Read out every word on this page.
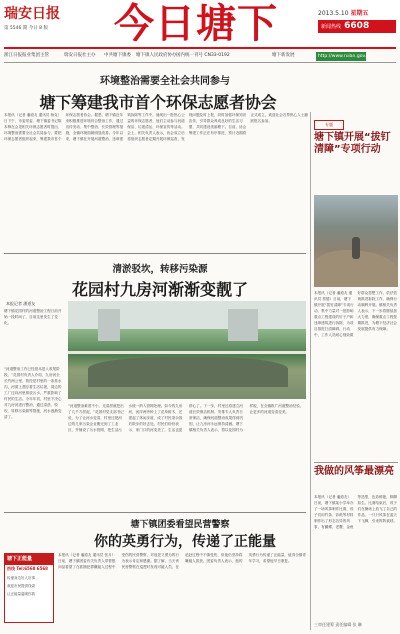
瑞安日报
第 5546 期 今日 8 版	今日塘下	2013.5.10 星期五
新闻热线 6608 1255
浙江日报报业集团主管	瑞安日报社主办 中共塘下镇委 塘下镇人民政府协办 国内统一刊号 CN33-0192	塘下新发展	http://www.ruian.gov.cn
环境整治需要全社会共同参与
塘下筹建我市首个环保志愿者协会
本报讯（记者 潘道友 通讯员 杨克）日下午，市委常委、塘下镇委书记陈本锋在会见相关环保志愿者时提出，环境整治需要全社会共同参与，要把环保志愿者组织起来，筹建我市首个环保志愿者协会。据悉，塘下镇近年来积极推进环境综合整治工作，通过宣传发动、集中整治、长效管理等措施，全镇环境面貌明显改善。今年以来，塘下镇在开展河道整治、违章建筑拆除等工作中，涌现出一批热心公益的环保志愿者，他们主动参与河道保洁、垃圾清运、环保宣传等活动。会上，相关负责人表示，协会成立后将组织志愿者定期开展环保巡查，发现问题及时上报，同时加强环保知识宣传，引导群众养成良好的生活习惯，共同建设美丽塘下。目前，协会筹建工作正在有序推进，预计近期将正式成立，欢迎社会各界热心人士踊跃报名参加。
清淤驳坎，转移污染源
花园村九房河渐渐变靓了
本报记者 潘道友
塘下镇花园村的河道整治工程日前开始一段时间了，目前这里发生了变化。
“河道整治工作已经基本进入收尾阶段。”花园村负责人介绍，九房河全长约两公里，曾经是村里的一条臭水沟，河面上漂浮着生活垃圾，周边的工厂还向河里排放污水，严重影响了村民的生活。今年年初，村里下决心对九房河进行整治，通过清淤、驳坎、转移污染源等措施，河水逐渐变清了。
“河道整治难度不小，光清淤就挖出了几千方淤泥。”花园村党支部书记说，为了让河水变清，村里还把河边的几家污染企业搬迁到了工业区，并铺设了污水管网，把生活污水统一纳入管网处理。如今的九房河，河岸两旁种上了花草树木，还建起了休闲步道，成了村民茶余饭后散步的好去处。村民们纷纷表示，家门口的河变美了，生活也更舒心了。下一步，村里还将建立河道长效保洁机制，安排专人负责日常保洁，确保河道整治成果得到巩固，让九房河永远保持清澈。塘下镇相关负责人表示，将以花园村为样板，在全镇推广河道整治经验，让更多的河道变清变美。
塘下镇团委看望民营警察
你的英勇行为，传递了正能量
塘下正能量
热线 Tel:6568 6568
传递身边好人好事
欢迎市民提供线索
让正能量温暖你我
本报讯（记者 潘道友 通讯员 张月）日前，塘下镇团委有关负责人带着慰问品看望了在抓捕犯罪嫌疑人过程中受伤的民营警察，对他见义勇为的行为表示肯定和感谢。据了解，当天该民营警察在巡逻时发现可疑人员，在追赶过程中不慎受伤，但他仍坚持将嫌疑人抓获。团委负责人表示，他的英勇行为传递了正能量，值得全镇青年学习，希望他早日康复。
专题
塘下镇开展“拔钉清障”专项行动
本报讯（记者 潘道友 通讯员 蔡德）日前，塘下镇开展“拔钉清障”专项行动，集中力量对一批影响重点工程建设的钉子户和违章建筑进行拆除，为项目推进扫清障碍。行动中，工作人员耐心细致做好群众思想工作，依法依规推进拆除工作，确保行动顺利开展。镇相关负责人表示，下一步将继续加大力度，确保重点工程按期推进，为塘下经济社会发展提供有力保障。
我做的风筝最漂亮
本报讯（记者 潘道友）日前，塘下镇某小学举办了一场风筝制作比赛，孩子们用竹条、彩纸等材料制作出了形态各异的风筝，有蝴蝶、老鹰、金鱼等造型，色彩鲜艳，栩栩如生。比赛结束后，孩子们在操场上放飞了自己的作品，一只只风筝在蓝天下飞舞，引来阵阵欢呼。
三审任建筹 责任编辑 张 琳
